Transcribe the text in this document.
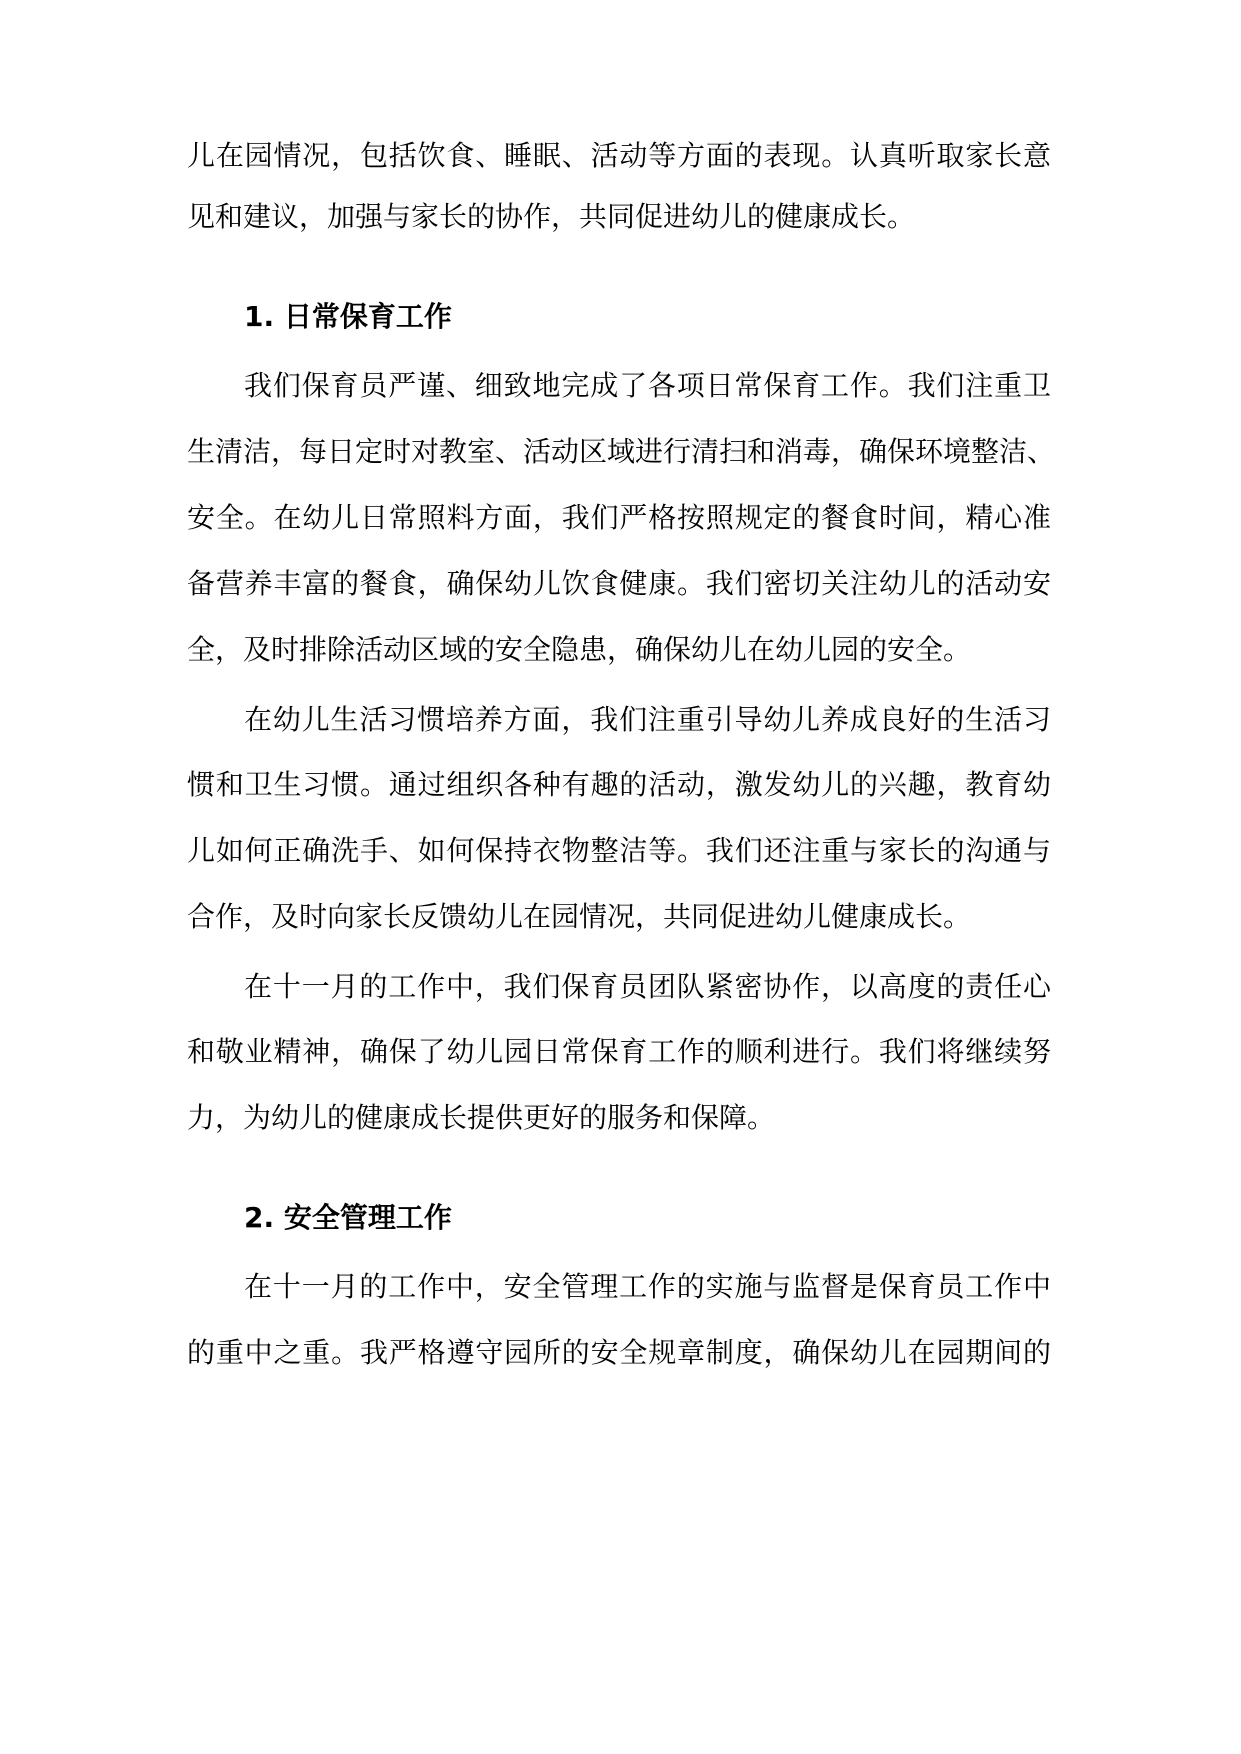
儿在园情况，包括饮食、睡眠、活动等方面的表现。认真听取家长意
见和建议，加强与家长的协作，共同促进幼儿的健康成长。
1. 日常保育工作
我们保育员严谨、细致地完成了各项日常保育工作。我们注重卫
生清洁，每日定时对教室、活动区域进行清扫和消毒，确保环境整洁、
安全。在幼儿日常照料方面，我们严格按照规定的餐食时间，精心准
备营养丰富的餐食，确保幼儿饮食健康。我们密切关注幼儿的活动安
全，及时排除活动区域的安全隐患，确保幼儿在幼儿园的安全。
在幼儿生活习惯培养方面，我们注重引导幼儿养成良好的生活习
惯和卫生习惯。通过组织各种有趣的活动，激发幼儿的兴趣，教育幼
儿如何正确洗手、如何保持衣物整洁等。我们还注重与家长的沟通与
合作，及时向家长反馈幼儿在园情况，共同促进幼儿健康成长。
在十一月的工作中，我们保育员团队紧密协作，以高度的责任心
和敬业精神，确保了幼儿园日常保育工作的顺利进行。我们将继续努
力，为幼儿的健康成长提供更好的服务和保障。
2. 安全管理工作
在十一月的工作中，安全管理工作的实施与监督是保育员工作中
的重中之重。我严格遵守园所的安全规章制度，确保幼儿在园期间的
